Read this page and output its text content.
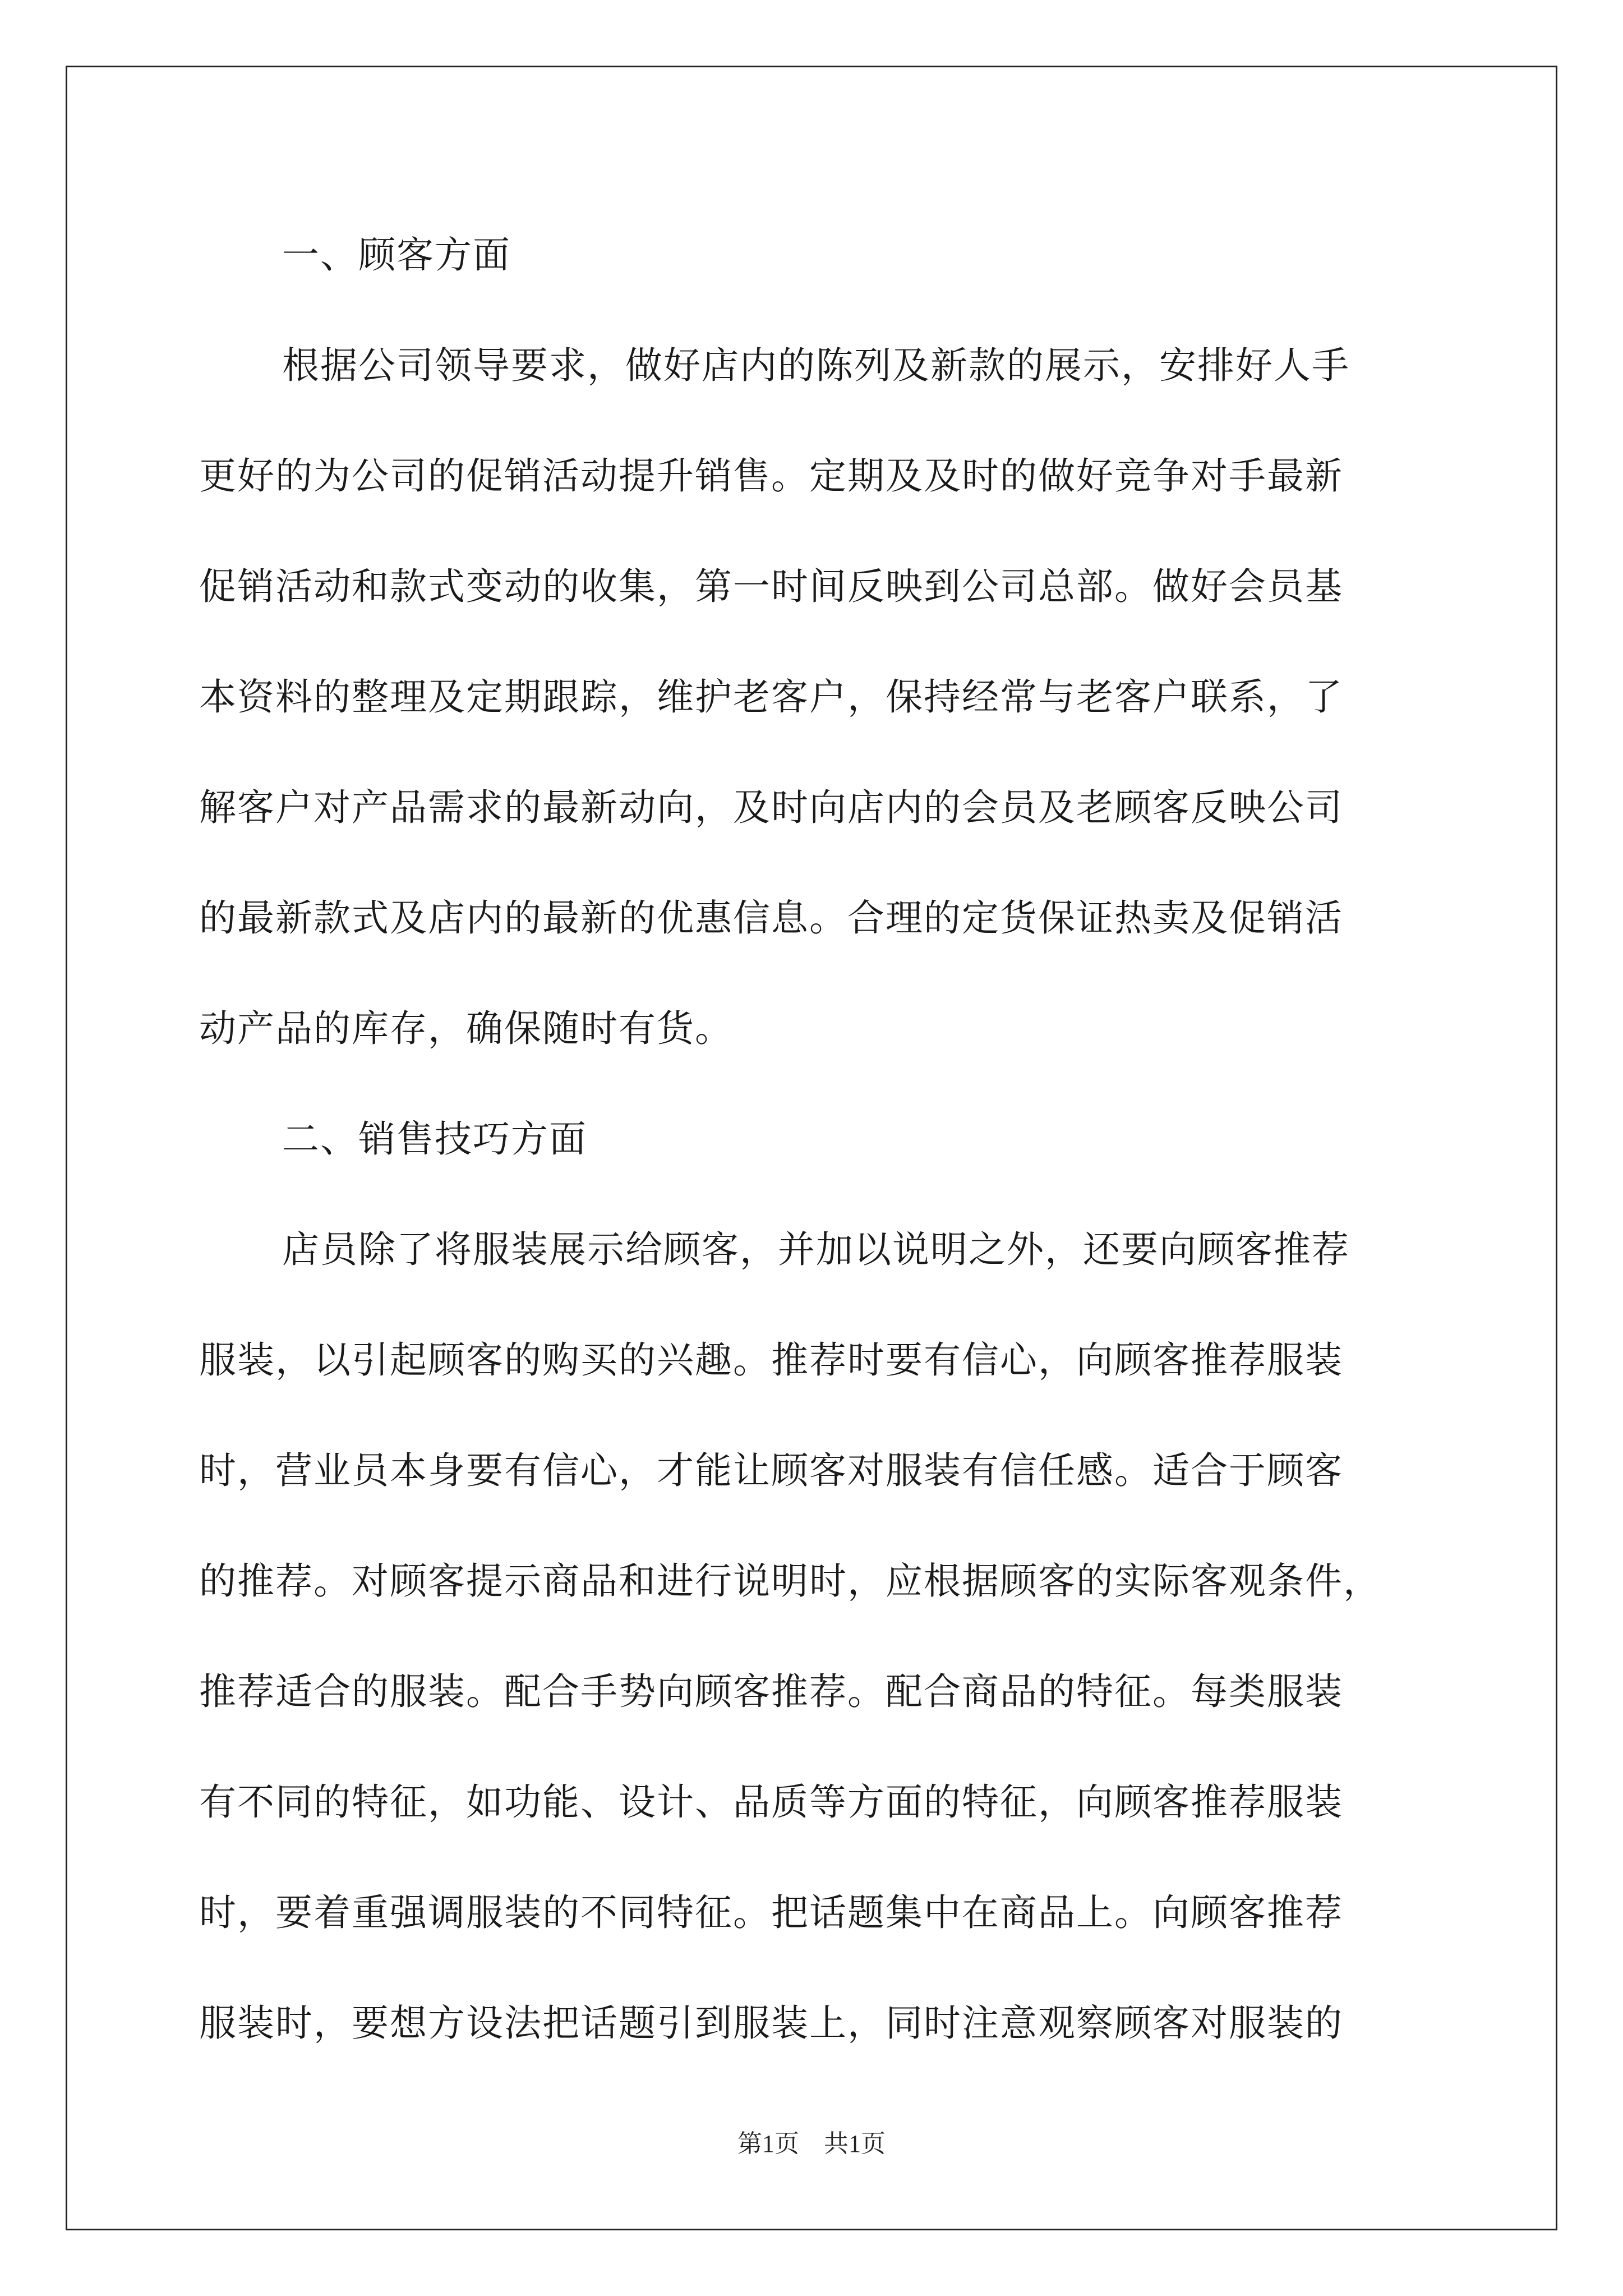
一、顾客方面
根据公司领导要求，做好店内的陈列及新款的展示，安排好人手
更好的为公司的促销活动提升销售。定期及及时的做好竞争对手最新
促销活动和款式变动的收集，第一时间反映到公司总部。做好会员基
本资料的整理及定期跟踪，维护老客户，保持经常与老客户联系，了
解客户对产品需求的最新动向，及时向店内的会员及老顾客反映公司
的最新款式及店内的最新的优惠信息。合理的定货保证热卖及促销活
动产品的库存，确保随时有货。
二、销售技巧方面
店员除了将服装展示给顾客，并加以说明之外，还要向顾客推荐
服装，以引起顾客的购买的兴趣。推荐时要有信心，向顾客推荐服装
时，营业员本身要有信心，才能让顾客对服装有信任感。适合于顾客
的推荐。对顾客提示商品和进行说明时，应根据顾客的实际客观条件，
推荐适合的服装。配合手势向顾客推荐。配合商品的特征。每类服装
有不同的特征，如功能、设计、品质等方面的特征，向顾客推荐服装
时，要着重强调服装的不同特征。把话题集中在商品上。向顾客推荐
服装时，要想方设法把话题引到服装上，同时注意观察顾客对服装的
第1页　共1页
